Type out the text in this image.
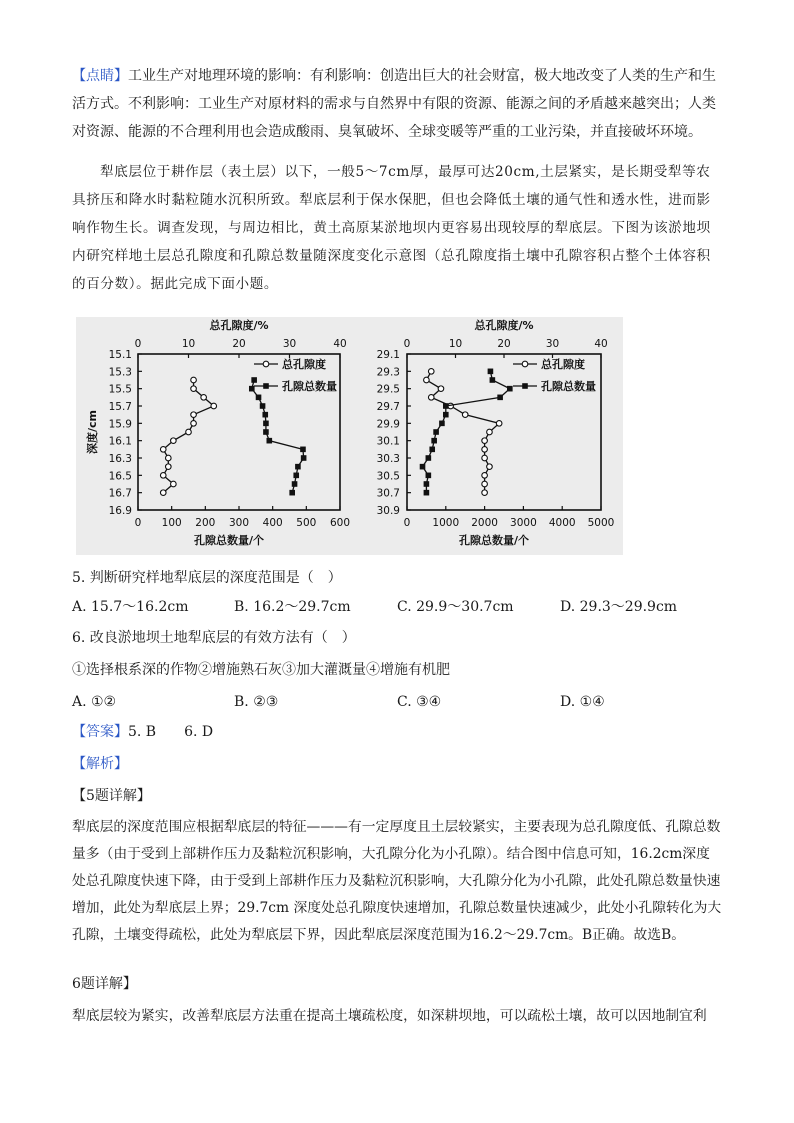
【点睛】工业生产对地理环境的影响：有利影响：创造出巨大的社会财富，极大地改变了人类的生产和生活方式。不利影响：工业生产对原材料的需求与自然界中有限的资源、能源之间的矛盾越来越突出；人类对资源、能源的不合理利用也会造成酸雨、臭氧破坏、全球变暖等严重的工业污染，并直接破坏环境。

犁底层位于耕作层（表土层）以下，一般5～7cm厚，最厚可达20cm,土层紧实，是长期受犁等农具挤压和降水时黏粒随水沉积所致。犁底层利于保水保肥，但也会降低土壤的通气性和透水性，进而影响作物生长。调查发现，与周边相比，黄土高原某淤地坝内更容易出现较厚的犁底层。下图为该淤地坝内研究样地土层总孔隙度和孔隙总数量随深度变化示意图（总孔隙度指土壤中孔隙容积占整个土体容积的百分数）。据此完成下面小题。

总孔隙度/%
0	10	20	30	40
0 100 200 300 400 500 600
孔隙总数量/个
15.1
15.3
15.5
15.7
15.9
16.1
16.3
16.5
16.7
16.9
深度/cm
总孔隙度
孔隙总数量
总孔隙度/%
0	10	20	30	40
0 1000 2000 3000 4000 5000
孔隙总数量/个
29.1
29.3
29.5
29.7
29.9
30.1
30.3
30.5
30.7
30.9
总孔隙度
孔隙总数量

5. 判断研究样地犁底层的深度范围是（　）

A. 15.7～16.2cm	B. 16.2～29.7cm	C. 29.9～30.7cm	D. 29.3～29.9cm

6. 改良淤地坝土地犁底层的有效方法有（　）

①选择根系深的作物②增施熟石灰③加大灌溉量④增施有机肥

A. ①②	B. ②③	C. ③④	D. ①④

【答案】5. B　　6. D

【解析】

【5题详解】

犁底层的深度范围应根据犁底层的特征———有一定厚度且土层较紧实，主要表现为总孔隙度低、孔隙总数量多（由于受到上部耕作压力及黏粒沉积影响，大孔隙分化为小孔隙）。结合图中信息可知，16.2cm深度处总孔隙度快速下降，由于受到上部耕作压力及黏粒沉积影响，大孔隙分化为小孔隙，此处孔隙总数量快速增加，此处为犁底层上界；29.7cm 深度处总孔隙度快速增加，孔隙总数量快速减少，此处小孔隙转化为大孔隙，土壤变得疏松，此处为犁底层下界，因此犁底层深度范围为16.2～29.7cm。B正确。故选B。

6题详解】

犁底层较为紧实，改善犁底层方法重在提高土壤疏松度，如深耕坝地，可以疏松土壤，故可以因地制宜利
